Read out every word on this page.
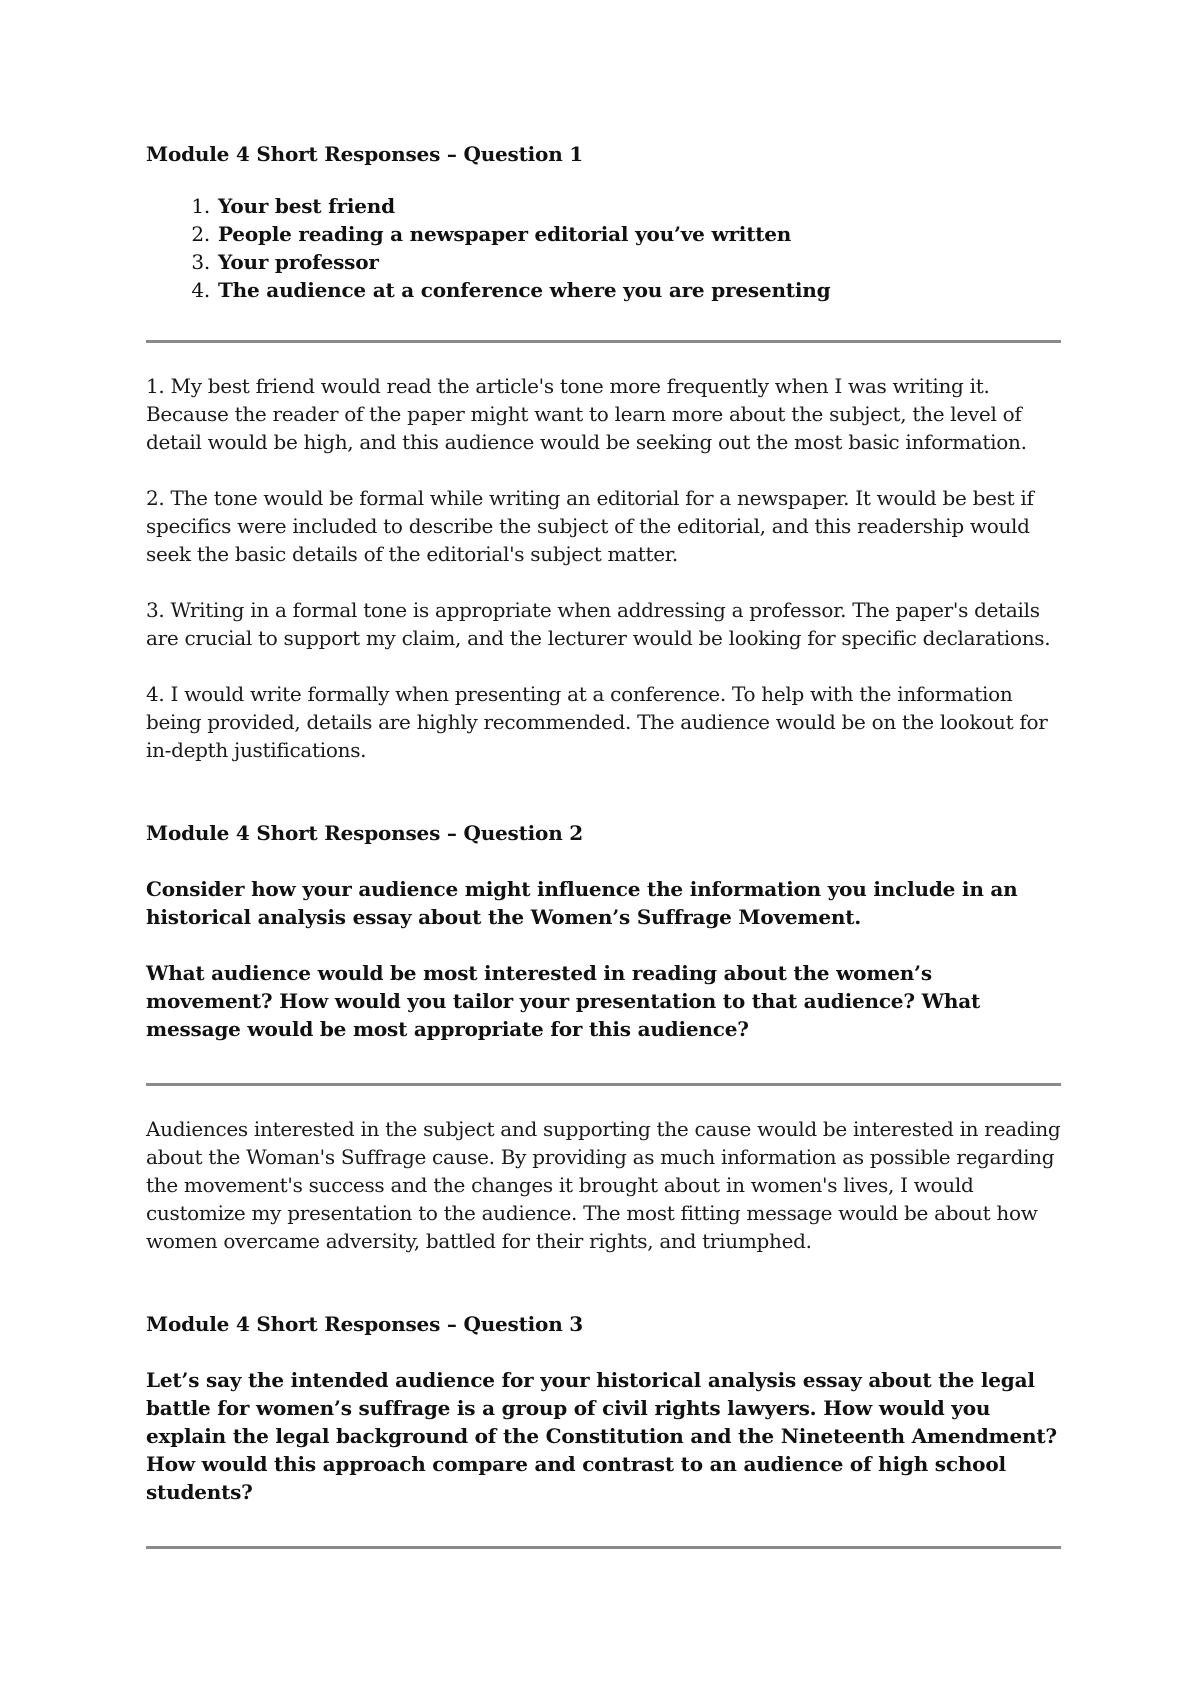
Module 4 Short Responses – Question 1

1. Your best friend
2. People reading a newspaper editorial you’ve written
3. Your professor
4. The audience at a conference where you are presenting

1. My best friend would read the article's tone more frequently when I was writing it. Because the reader of the paper might want to learn more about the subject, the level of detail would be high, and this audience would be seeking out the most basic information.

2. The tone would be formal while writing an editorial for a newspaper. It would be best if specifics were included to describe the subject of the editorial, and this readership would seek the basic details of the editorial's subject matter.

3. Writing in a formal tone is appropriate when addressing a professor. The paper's details are crucial to support my claim, and the lecturer would be looking for specific declarations.

4. I would write formally when presenting at a conference. To help with the information being provided, details are highly recommended. The audience would be on the lookout for in-depth justifications.

Module 4 Short Responses – Question 2

Consider how your audience might influence the information you include in an historical analysis essay about the Women’s Suffrage Movement.

What audience would be most interested in reading about the women’s movement? How would you tailor your presentation to that audience? What message would be most appropriate for this audience?

Audiences interested in the subject and supporting the cause would be interested in reading about the Woman's Suffrage cause. By providing as much information as possible regarding the movement's success and the changes it brought about in women's lives, I would customize my presentation to the audience. The most fitting message would be about how women overcame adversity, battled for their rights, and triumphed.

Module 4 Short Responses – Question 3

Let’s say the intended audience for your historical analysis essay about the legal battle for women’s suffrage is a group of civil rights lawyers. How would you explain the legal background of the Constitution and the Nineteenth Amendment? How would this approach compare and contrast to an audience of high school students?
